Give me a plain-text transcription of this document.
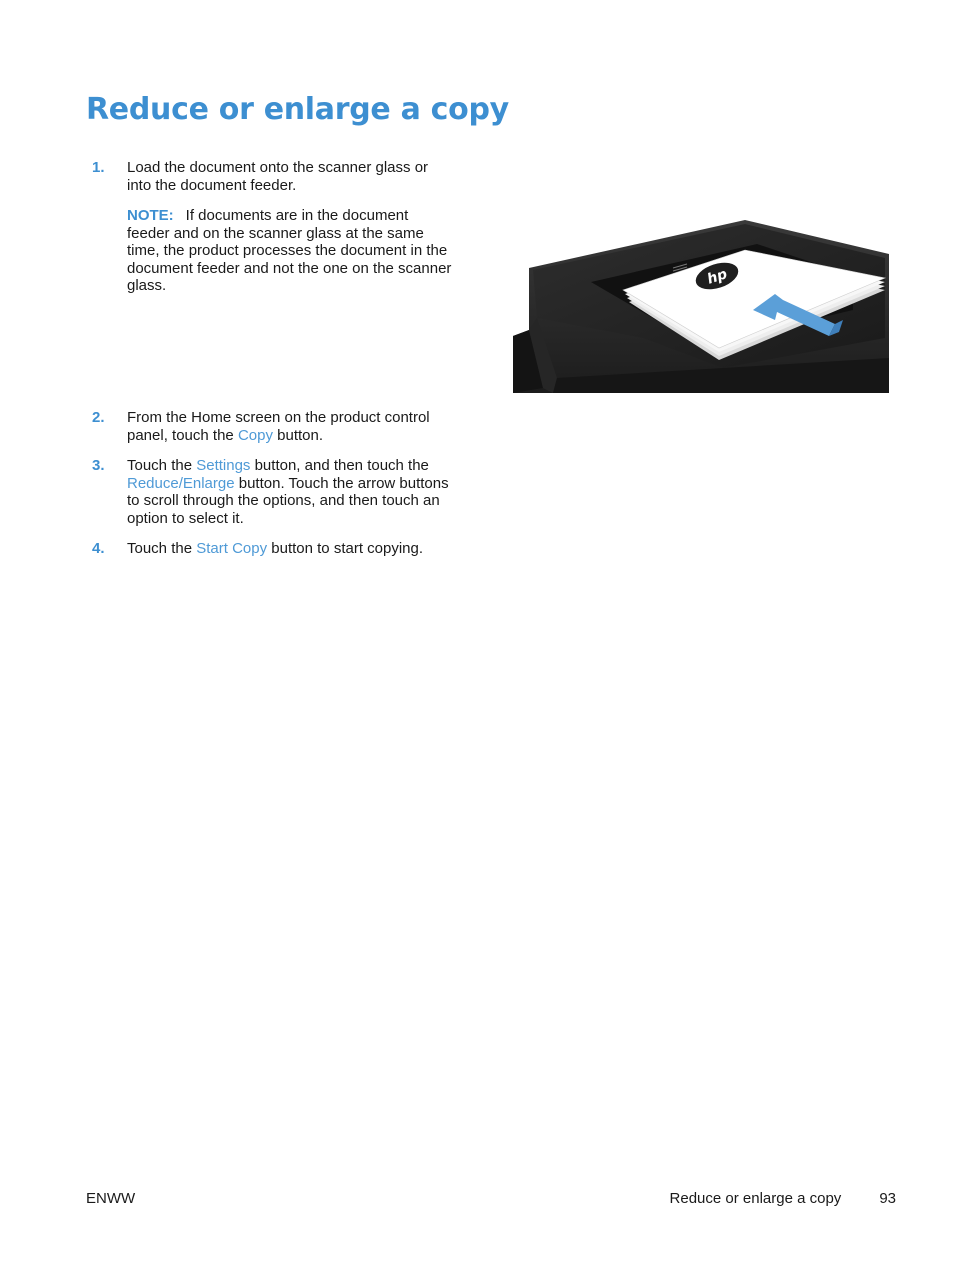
Reduce or enlarge a copy
1. Load the document onto the scanner glass or into the document feeder.
NOTE: If documents are in the document feeder and on the scanner glass at the same time, the product processes the document in the document feeder and not the one on the scanner glass.	hp
2. From the Home screen on the product control panel, touch the Copy button.
3. Touch the Settings button, and then touch the Reduce/Enlarge button. Touch the arrow buttons to scroll through the options, and then touch an option to select it.
4. Touch the Start Copy button to start copying.
ENWW	Reduce or enlarge a copy	93
